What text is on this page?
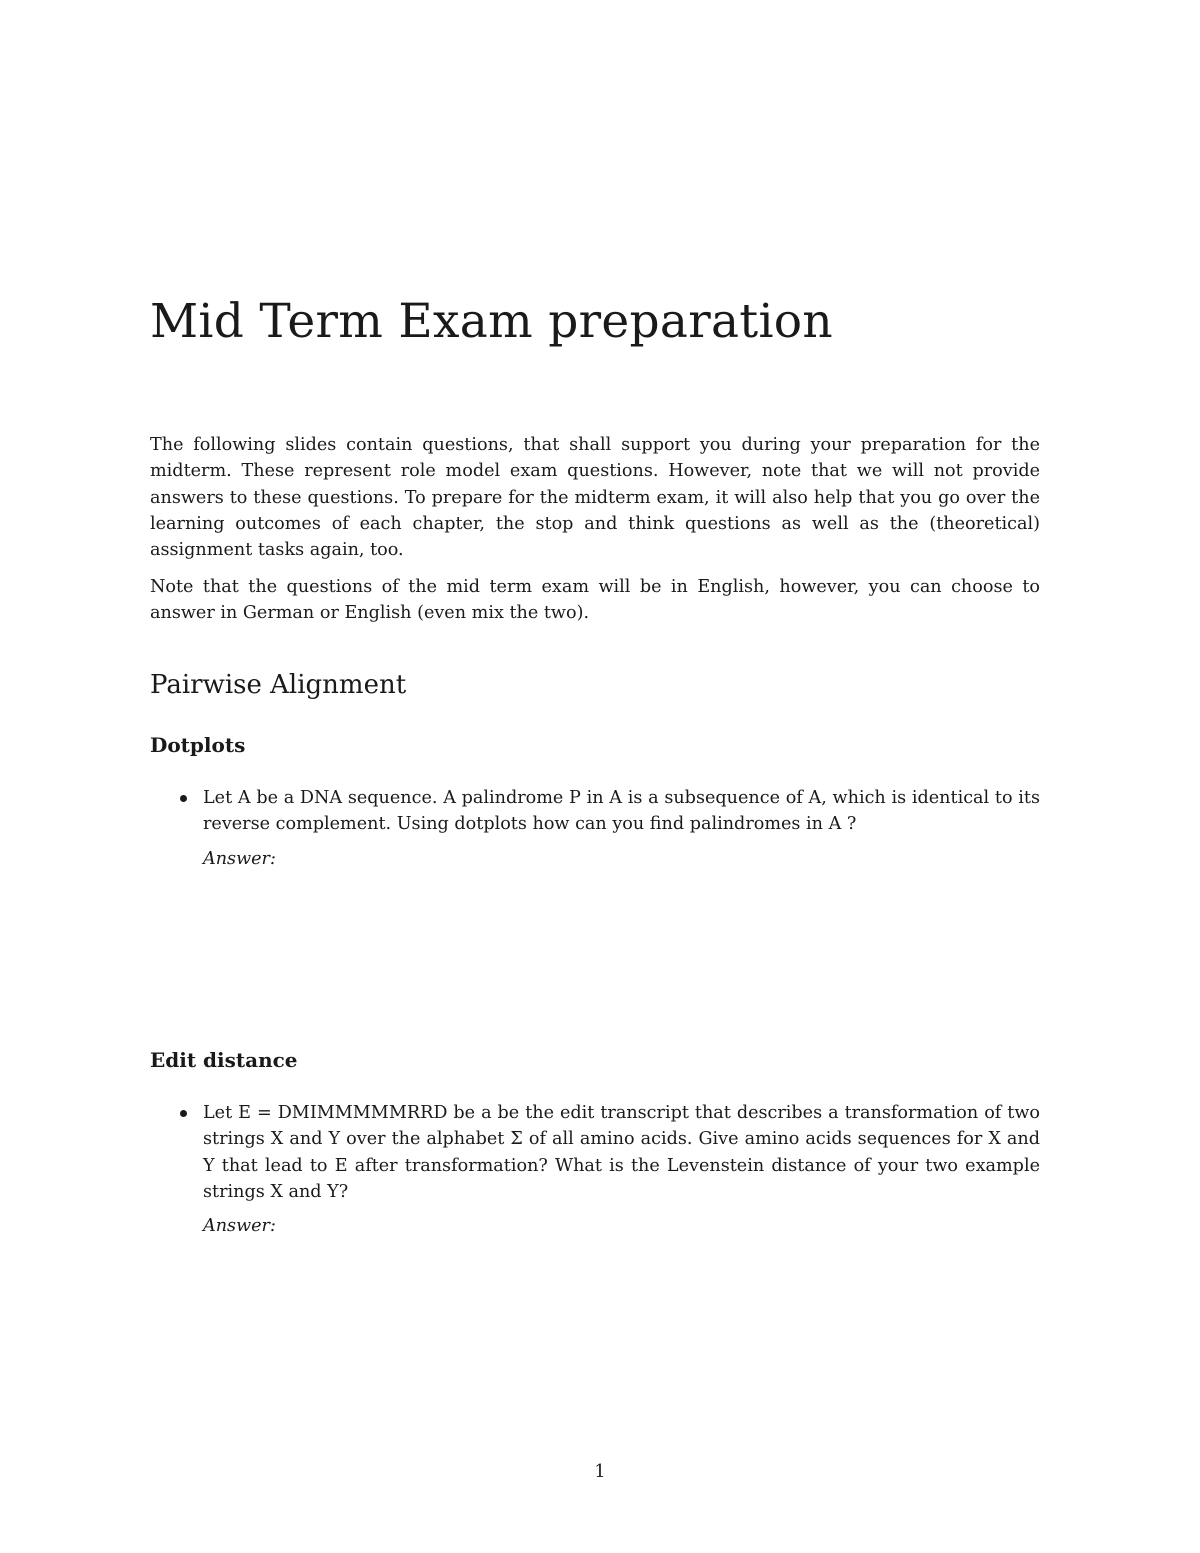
Mid Term Exam preparation

The following slides contain questions, that shall support you during your preparation for the midterm. These represent role model exam questions. However, note that we will not provide answers to these questions. To prepare for the midterm exam, it will also help that you go over the learning outcomes of each chapter, the stop and think questions as well as the (theoretical) assignment tasks again, too.

Note that the questions of the mid term exam will be in English, however, you can choose to answer in German or English (even mix the two).

Pairwise Alignment
Dotplots

Let A be a DNA sequence. A palindrome P in A is a subsequence of A, which is identical to its reverse complement. Using dotplots how can you find palindromes in A ?

Answer:

Edit distance

Let E = DMIMMMMMRRD be a be the edit transcript that describes a transformation of two strings X and Y over the alphabet Σ of all amino acids. Give amino acids sequences for X and Y that lead to E after transformation? What is the Levenstein distance of your two example strings X and Y?

Answer:

1
